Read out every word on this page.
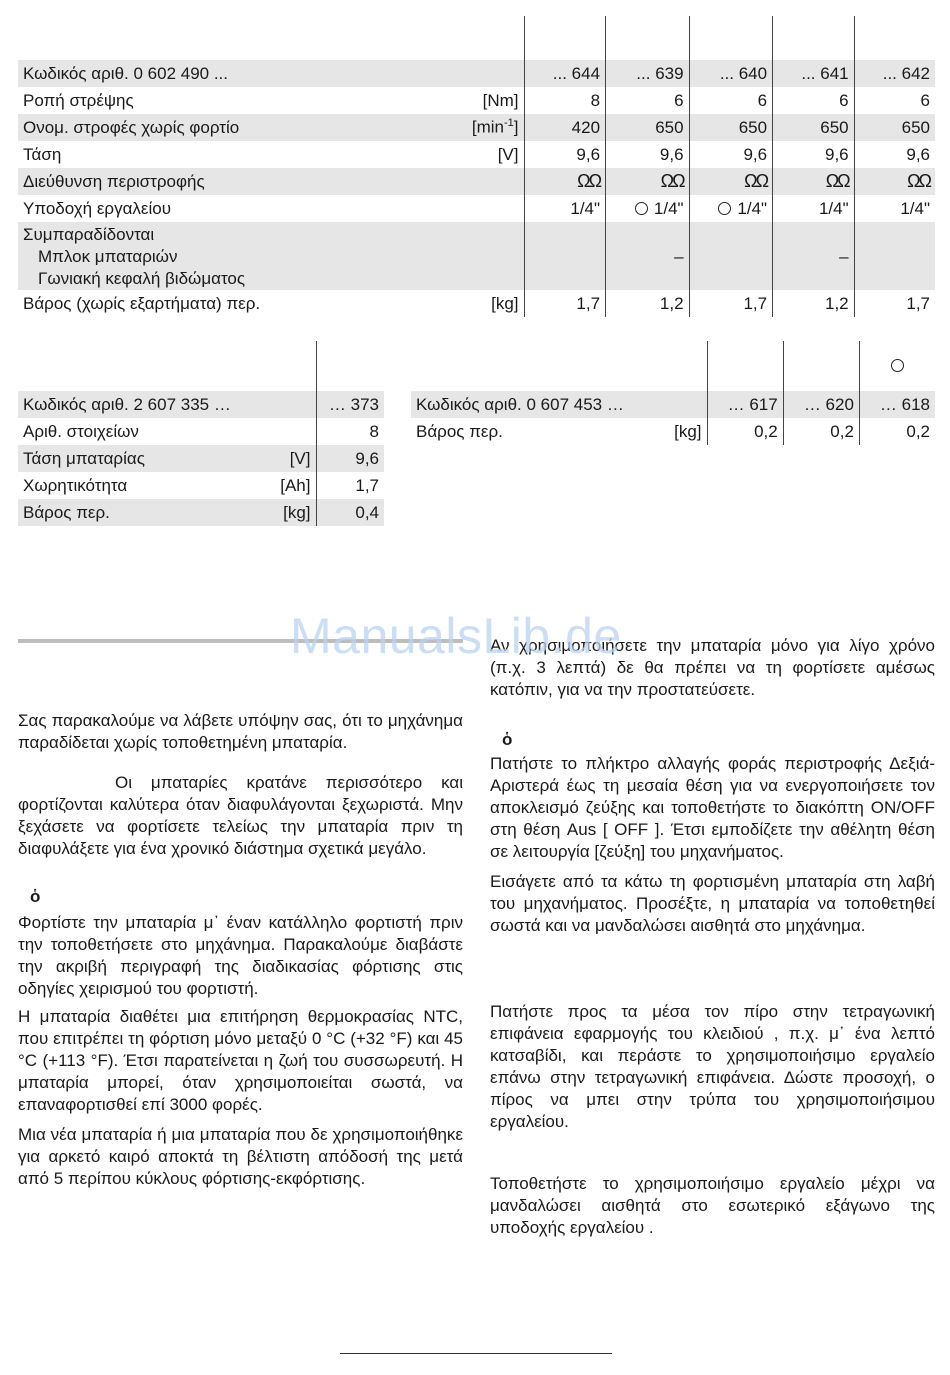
Κωδικός αριθ. 0 602 490 ...		... 644	... 639	... 640	... 641	... 642
Ροπή στρέψης	[Nm]	8	6	6	6	6
Ονομ. στροφές χωρίς φορτίο	$[\min^{-1}]$	420	650	650	650	650
Τάση	[V]	9,6	9,6	9,6	9,6	9,6
Διεύθυνση περιστροφής		ΩΩ	ΩΩ	ΩΩ	ΩΩ	ΩΩ
Υποδοχή εργαλείου		1/4"	1/4"	1/4"	1/4"	1/4"
Συμπαραδίδονται
Μπλοκ μπαταριών
Γωνιακή κεφαλή βιδώματος			–		–	
Βάρος (χωρίς εξαρτήματα) περ.	[kg]	1,7	1,2	1,7	1,2	1,7

Κωδικός αριθ. 2 607 335 …		… 373
Αριθ. στοιχείων		8
Τάση μπαταρίας	[V]	9,6
Χωρητικότητα	[Ah]	1,7
Βάρος περ.	[kg]	0,4

Κωδικός αριθ. 0 607 453 …		… 617	… 620	… 618
Βάρος περ.	[kg]	0,2	0,2	0,2

Σας παρακαλούμε να λάβετε υπόψην σας, ότι το μηχάνημα παραδίδεται χωρίς τοποθετημένη μπαταρία.

Οι μπαταρίες κρατάνε περισσότερο και φορτίζονται καλύτερα όταν διαφυλάγονται ξεχωριστά. Μην ξεχάσετε να φορτίσετε τελείως την μπαταρία πριν τη διαφυλάξετε για ένα χρονικό διάστημα σχετικά μεγάλο.

ὁ

Φορτίστε την μπαταρία μ᾽ έναν κατάλληλο φορτιστή πριν την τοποθετήσετε στο μηχάνημα. Παρακαλούμε διαβάστε την ακριβή περιγραφή της διαδικασίας φόρτισης στις οδηγίες χειρισμού του φορτιστή.

Η μπαταρία διαθέτει μια επιτήρηση θερμοκρασίας NTC, που επιτρέπει τη φόρτιση μόνο μεταξύ 0 °C (+32 °F) και 45 °C (+113 °F). Έτσι παρατείνεται η ζωή του συσσωρευτή. Η μπαταρία μπορεί, όταν χρησιμοποιείται σωστά, να επαναφορτισθεί επί 3000 φορές.

Μια νέα μπαταρία ή μια μπαταρία που δε χρησιμοποιήθηκε για αρκετό καιρό αποκτά τη βέλτιστη απόδοσή της μετά από 5 περίπου κύκλους φόρτισης-εκφόρτισης.

Αν χρησιμοποιήσετε την μπαταρία μόνο για λίγο χρόνο (π.χ. 3 λεπτά) δε θα πρέπει να τη φορτίσετε αμέσως κατόπιν, για να την προστατεύσετε.

ὁ

Πατήστε το πλήκτρο αλλαγής φοράς περιστροφής Δεξιά-Αριστερά έως τη μεσαία θέση για να ενεργοποιήσετε τον αποκλεισμό ζεύξης και τοποθετήστε το διακόπτη ON/OFF στη θέση Aus [ OFF ]. Έτσι εμποδίζετε την αθέλητη θέση σε λειτουργία [ζεύξη] του μηχανήματος.

Εισάγετε από τα κάτω τη φορτισμένη μπαταρία στη λαβή του μηχανήματος. Προσέξτε, η μπαταρία να τοποθετηθεί σωστά και να μανδαλώσει αισθητά στο μηχάνημα.

Πατήστε προς τα μέσα τον πίρο στην τετραγωνική επιφάνεια εφαρμογής του κλειδιού , π.χ. μ᾽ ένα λεπτό κατσαβίδι, και περάστε το χρησιμοποιήσιμο εργαλείο επάνω στην τετραγωνική επιφάνεια. Δώστε προσοχή, ο πίρος να μπει στην τρύπα του χρησιμοποιήσιμου εργαλείου.

Τοποθετήστε το χρησιμοποιήσιμο εργαλείο μέχρι να μανδαλώσει αισθητά στο εσωτερικό εξάγωνο της υποδοχής εργαλείου .

ManualsLib.de
